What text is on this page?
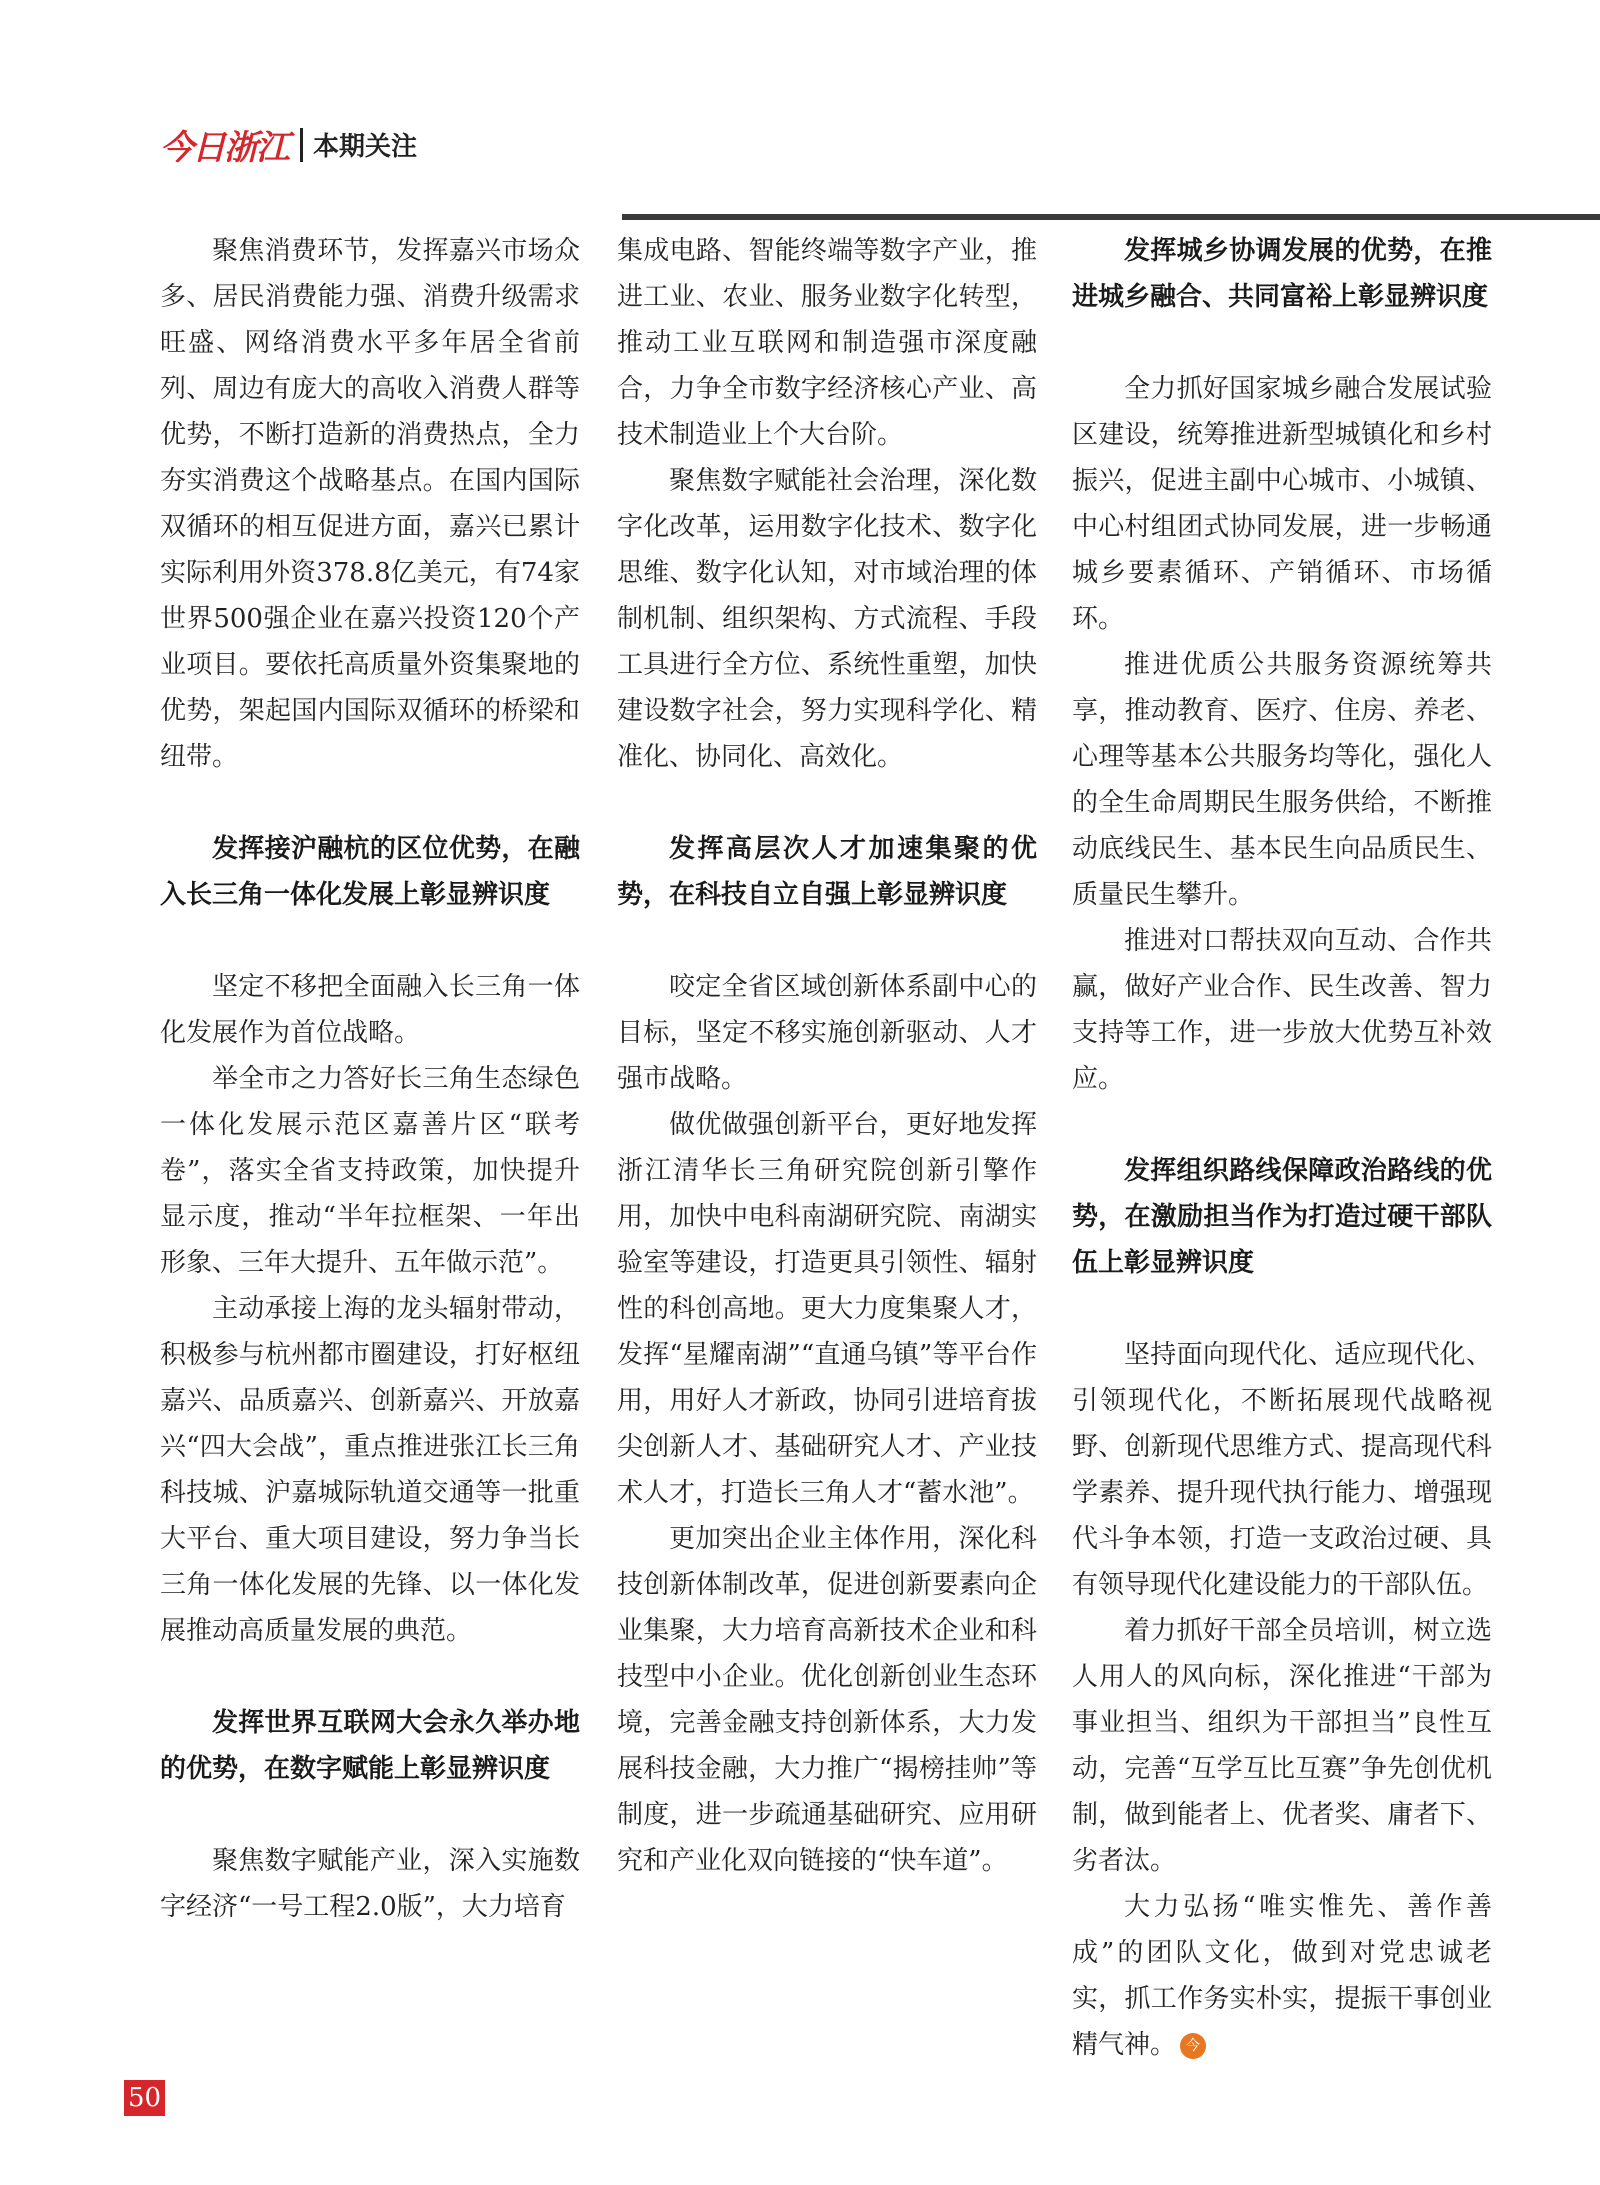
今日浙江 本期关注

聚焦消费环节，发挥嘉兴市场众多、居民消费能力强、消费升级需求旺盛、网络消费水平多年居全省前列、周边有庞大的高收入消费人群等优势，不断打造新的消费热点，全力夯实消费这个战略基点。在国内国际双循环的相互促进方面，嘉兴已累计实际利用外资378.8亿美元，有74家世界500强企业在嘉兴投资120个产业项目。要依托高质量外资集聚地的优势，架起国内国际双循环的桥梁和纽带。

发挥接沪融杭的区位优势，在融入长三角一体化发展上彰显辨识度

坚定不移把全面融入长三角一体化发展作为首位战略。

举全市之力答好长三角生态绿色一体化发展示范区嘉善片区“联考卷”，落实全省支持政策，加快提升显示度，推动“半年拉框架、一年出形象、三年大提升、五年做示范”。

主动承接上海的龙头辐射带动，积极参与杭州都市圈建设，打好枢纽嘉兴、品质嘉兴、创新嘉兴、开放嘉兴“四大会战”，重点推进张江长三角科技城、沪嘉城际轨道交通等一批重大平台、重大项目建设，努力争当长三角一体化发展的先锋、以一体化发展推动高质量发展的典范。

发挥世界互联网大会永久举办地的优势，在数字赋能上彰显辨识度

聚焦数字赋能产业，深入实施数字经济“一号工程2.0版”，大力培育

集成电路、智能终端等数字产业，推进工业、农业、服务业数字化转型，推动工业互联网和制造强市深度融合，力争全市数字经济核心产业、高技术制造业上个大台阶。

聚焦数字赋能社会治理，深化数字化改革，运用数字化技术、数字化思维、数字化认知，对市域治理的体制机制、组织架构、方式流程、手段工具进行全方位、系统性重塑，加快建设数字社会，努力实现科学化、精准化、协同化、高效化。

发挥高层次人才加速集聚的优势，在科技自立自强上彰显辨识度

咬定全省区域创新体系副中心的目标，坚定不移实施创新驱动、人才强市战略。

做优做强创新平台，更好地发挥浙江清华长三角研究院创新引擎作用，加快中电科南湖研究院、南湖实验室等建设，打造更具引领性、辐射性的科创高地。更大力度集聚人才，发挥“星耀南湖”“直通乌镇”等平台作用，用好人才新政，协同引进培育拔尖创新人才、基础研究人才、产业技术人才，打造长三角人才“蓄水池”。

更加突出企业主体作用，深化科技创新体制改革，促进创新要素向企业集聚，大力培育高新技术企业和科技型中小企业。优化创新创业生态环境，完善金融支持创新体系，大力发展科技金融，大力推广“揭榜挂帅”等制度，进一步疏通基础研究、应用研究和产业化双向链接的“快车道”。

发挥城乡协调发展的优势，在推进城乡融合、共同富裕上彰显辨识度

全力抓好国家城乡融合发展试验区建设，统筹推进新型城镇化和乡村振兴，促进主副中心城市、小城镇、中心村组团式协同发展，进一步畅通城乡要素循环、产销循环、市场循环。

推进优质公共服务资源统筹共享，推动教育、医疗、住房、养老、心理等基本公共服务均等化，强化人的全生命周期民生服务供给，不断推动底线民生、基本民生向品质民生、质量民生攀升。

推进对口帮扶双向互动、合作共赢，做好产业合作、民生改善、智力支持等工作，进一步放大优势互补效应。

发挥组织路线保障政治路线的优势，在激励担当作为打造过硬干部队伍上彰显辨识度

坚持面向现代化、适应现代化、引领现代化，不断拓展现代战略视野、创新现代思维方式、提高现代科学素养、提升现代执行能力、增强现代斗争本领，打造一支政治过硬、具有领导现代化建设能力的干部队伍。

着力抓好干部全员培训，树立选人用人的风向标，深化推进“干部为事业担当、组织为干部担当”良性互动，完善“互学互比互赛”争先创优机制，做到能者上、优者奖、庸者下、劣者汰。

大力弘扬“唯实惟先、善作善成”的团队文化，做到对党忠诚老实，抓工作务实朴实，提振干事创业精气神。 今

50
